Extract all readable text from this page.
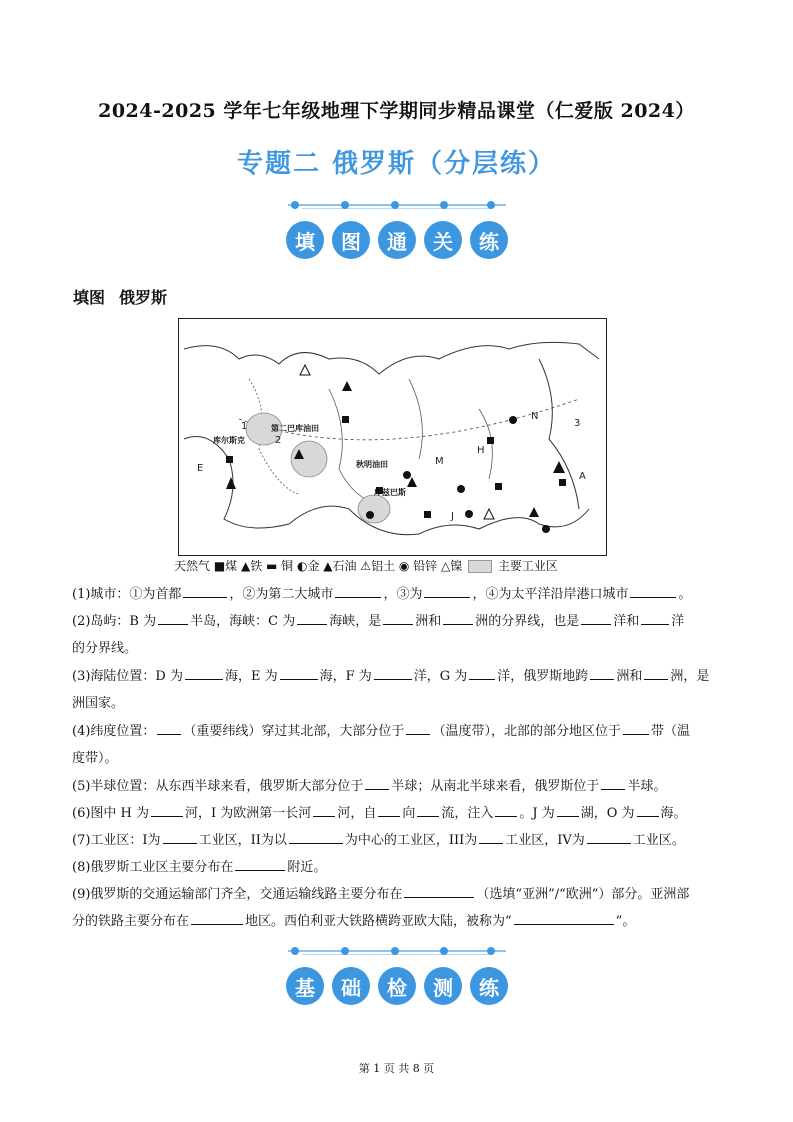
2024-2025 学年七年级地理下学期同步精品课堂（仁爱版 2024）
专题二 俄罗斯（分层练）
填	图	通	关	练
填图 俄罗斯
库尔斯克
第二巴库油田
秋明油田
库兹巴斯
N
M
H
A
E
J
3
1
2
天然气 ■煤 ▲铁 ▬ 铜 ◐金 ▲石油 ⚠铝土 ◉ 铅锌 △镍	主要工业区
(1)城市：①为首都	，②为第二大城市	，③为	，④为太平洋沿岸港口城市	。
(2)岛屿：B 为	半岛，海峡：C 为	海峡，是	洲和	洲的分界线，也是	洋和 洋
的分界线。
(3)海陆位置：D 为	海，E 为	海，F 为	洋，G 为 洋，俄罗斯地跨 洲和 洲，是
洲国家。
(4)纬度位置： （重要纬线）穿过其北部，大部分位于 （温度带），北部的部分地区位于 带（温
度带）。
(5)半球位置：从东西半球来看，俄罗斯大部分位于 半球；从南北半球来看，俄罗斯位于 半球。
(6)图中 H 为	河，I 为欧洲第一长河 河，自 向 流，注入 。J 为 湖，O 为 海。
(7)工业区：I为	工业区，II为以	为中心的工业区，III为 工业区，IV为	工业区。
(8)俄罗斯工业区主要分布在	附近。
(9)俄罗斯的交通运输部门齐全，交通运输线路主要分布在	（选填“亚洲”/“欧洲”）部分。亚洲部
分的铁路主要分布在	地区。西伯利亚大铁路横跨亚欧大陆，被称为“	”。
基	础	检	测	练
第 1 页 共 8 页
